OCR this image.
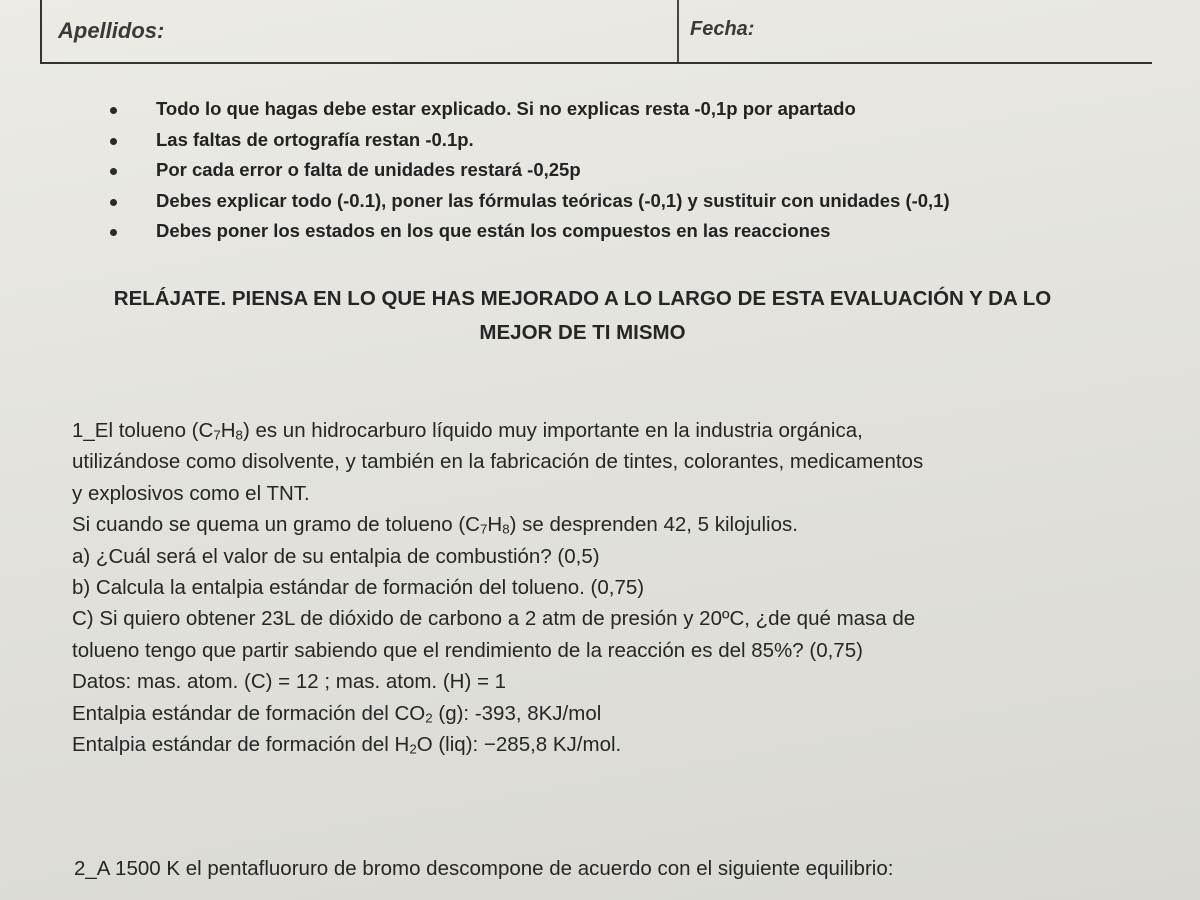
Apellidos:	Fecha:
Todo lo que hagas debe estar explicado. Si no explicas resta -0,1p por apartado
Las faltas de ortografía restan -0.1p.
Por cada error o falta de unidades restará -0,25p
Debes explicar todo (-0.1), poner las fórmulas teóricas (-0,1) y sustituir con unidades (-0,1)
Debes poner los estados en los que están los compuestos en las reacciones
RELÁJATE. PIENSA EN LO QUE HAS MEJORADO A LO LARGO DE ESTA EVALUACIÓN Y DA LO
MEJOR DE TI MISMO

1_El tolueno $(C_7H_8)$ es un hidrocarburo líquido muy importante en la industria orgánica,

utilizándose como disolvente, y también en la fabricación de tintes, colorantes, medicamentos

y explosivos como el TNT.

Si cuando se quema un gramo de tolueno $(C_7H_8)$ se desprenden 42, 5 kilojulios.

a) ¿Cuál será el valor de su entalpia de combustión? (0,5)

b) Calcula la entalpia estándar de formación del tolueno. (0,75)

C) Si quiero obtener 23L de dióxido de carbono a 2 atm de presión y 20ºC, ¿de qué masa de

tolueno tengo que partir sabiendo que el rendimiento de la reacción es del 85%? (0,75)

Datos: mas. atom. (C) = 12 ; mas. atom. (H) = 1

Entalpia estándar de formación del $CO_2$ (g): -393, 8KJ/mol

Entalpia estándar de formación del $H_2O$ (liq): −285,8 KJ/mol.

2_A 1500 K el pentafluoruro de bromo descompone de acuerdo con el siguiente equilibrio:
